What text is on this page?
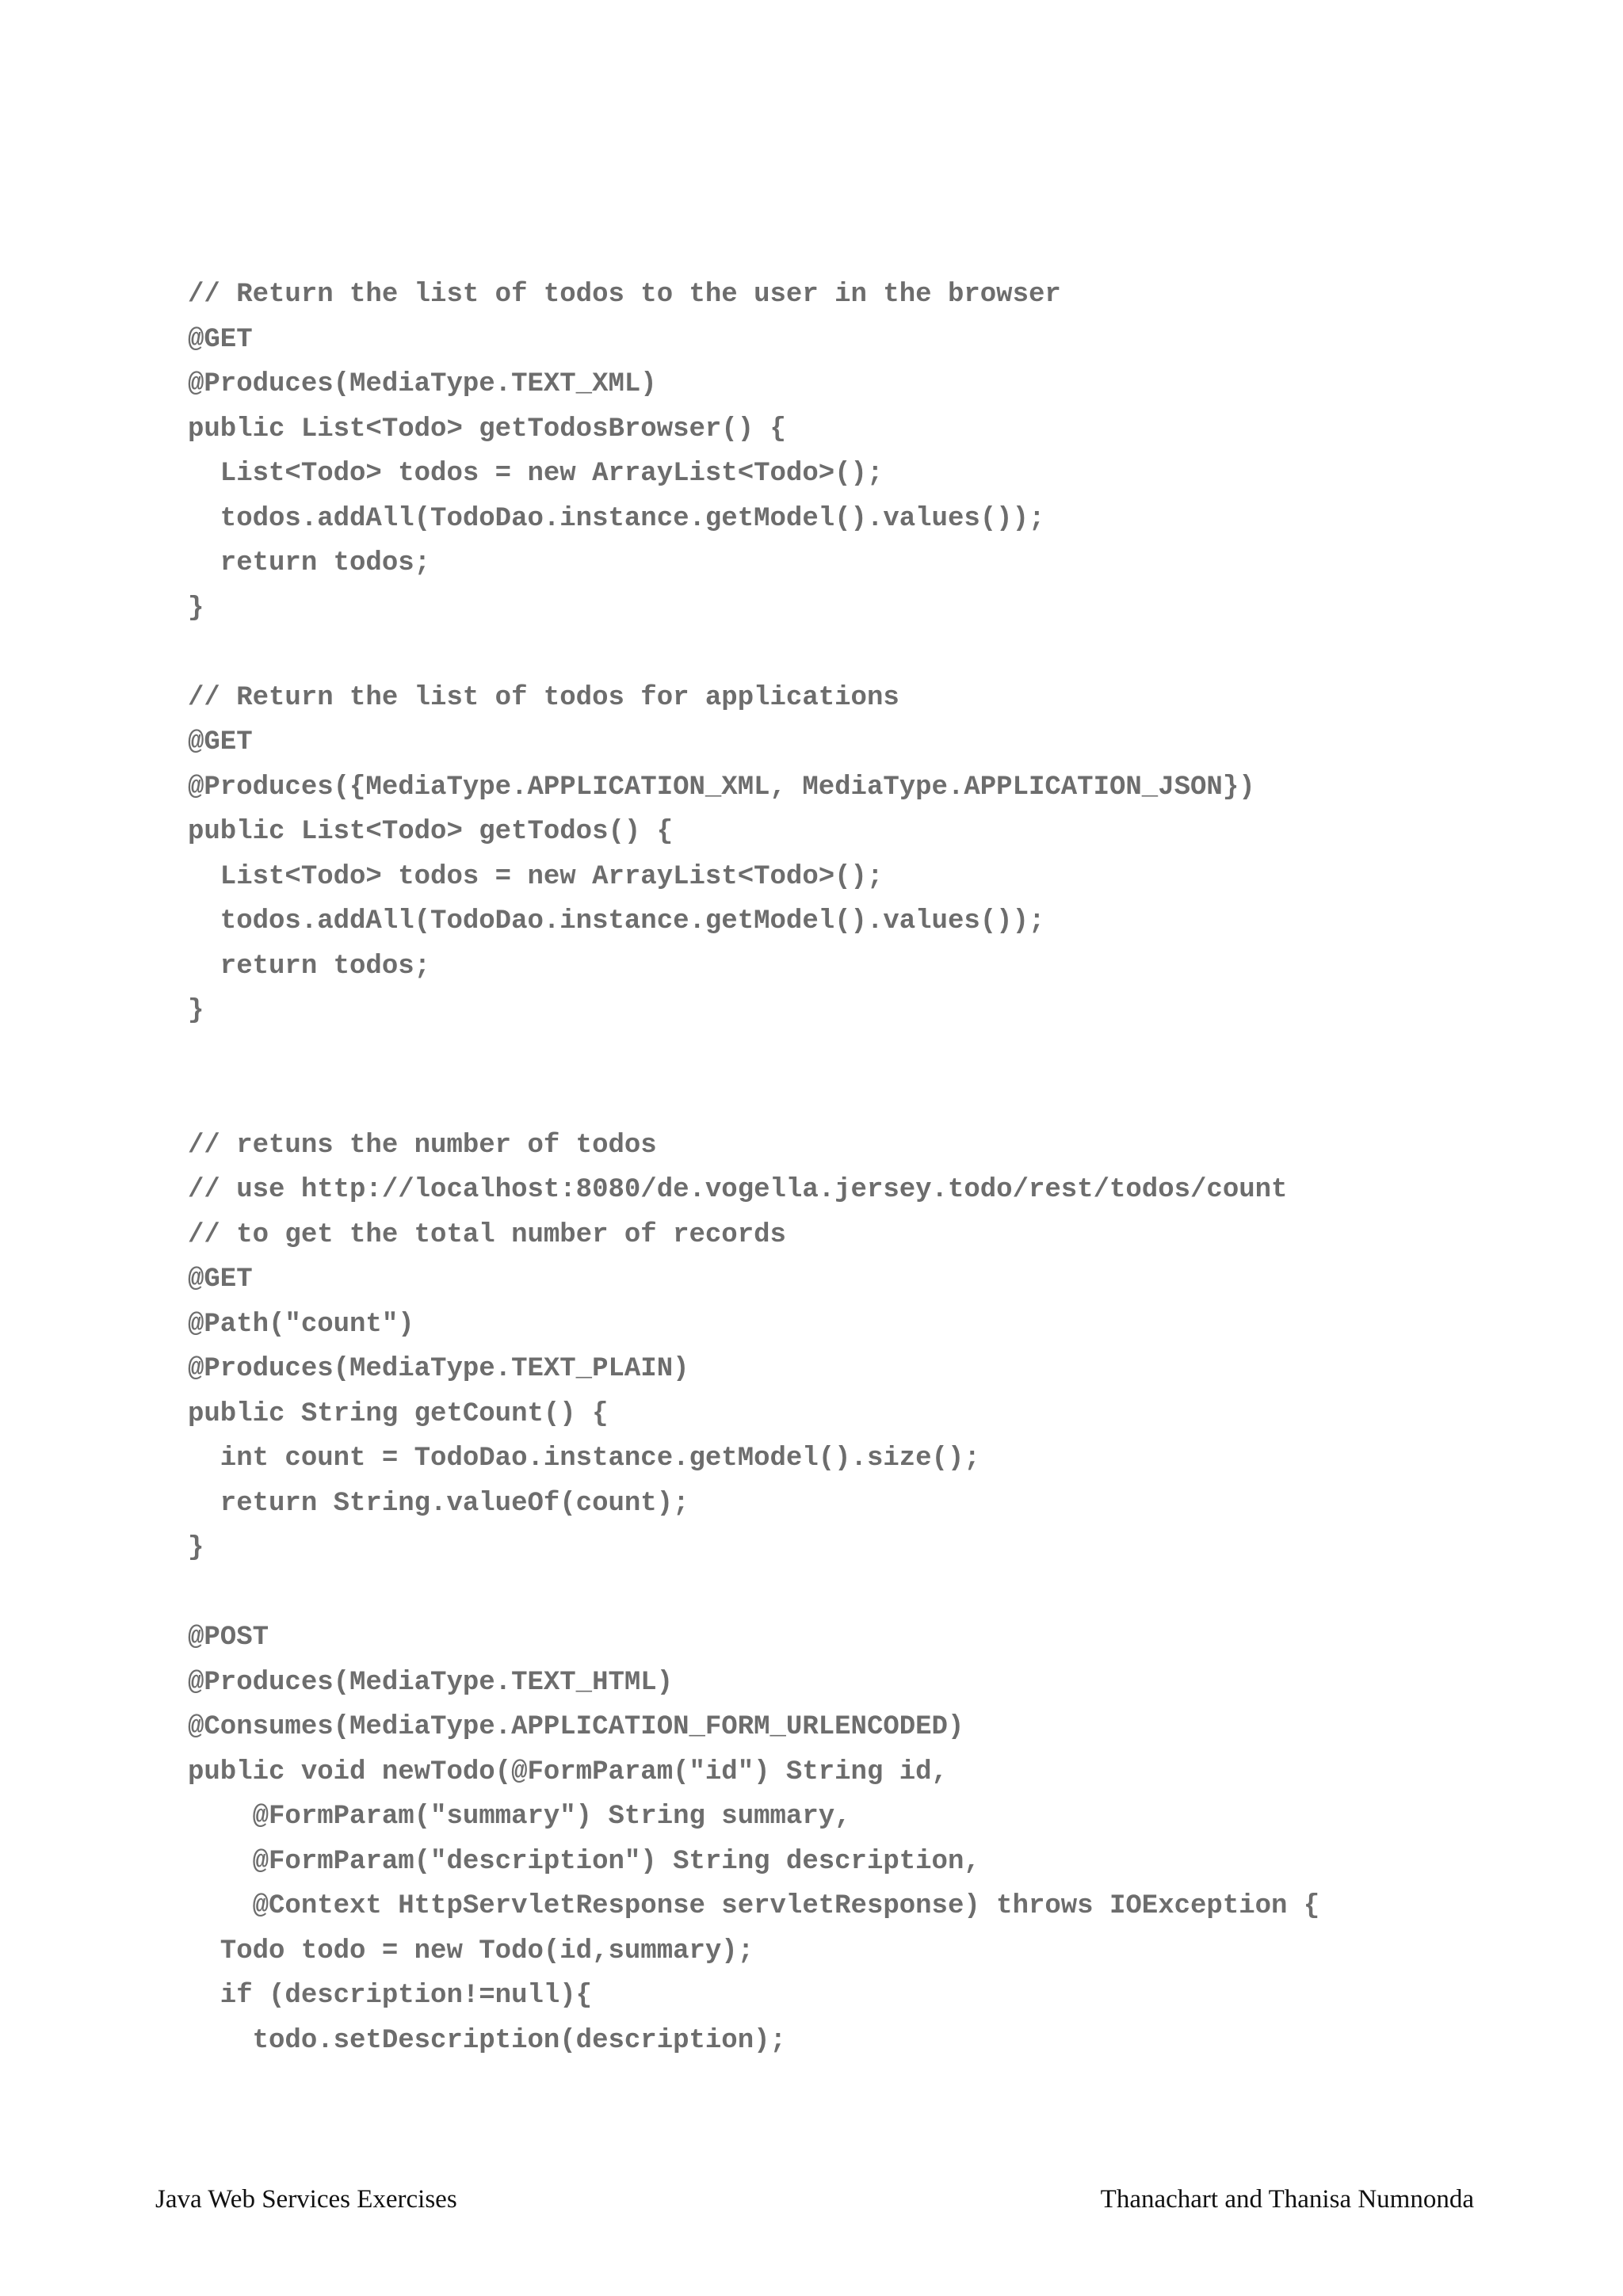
// Return the list of todos to the user in the browser
@GET
@Produces(MediaType.TEXT_XML)
public List<Todo> getTodosBrowser() {
List<Todo> todos = new ArrayList<Todo>();
todos.addAll(TodoDao.instance.getModel().values());
return todos;
}
// Return the list of todos for applications
@GET
@Produces({MediaType.APPLICATION_XML, MediaType.APPLICATION_JSON})
public List<Todo> getTodos() {
List<Todo> todos = new ArrayList<Todo>();
todos.addAll(TodoDao.instance.getModel().values());
return todos;
}
// retuns the number of todos
// use http://localhost:8080/de.vogella.jersey.todo/rest/todos/count
// to get the total number of records
@GET
@Path("count")
@Produces(MediaType.TEXT_PLAIN)
public String getCount() {
int count = TodoDao.instance.getModel().size();
return String.valueOf(count);
}
@POST
@Produces(MediaType.TEXT_HTML)
@Consumes(MediaType.APPLICATION_FORM_URLENCODED)
public void newTodo(@FormParam("id") String id,
@FormParam("summary") String summary,
@FormParam("description") String description,
@Context HttpServletResponse servletResponse) throws IOException {
Todo todo = new Todo(id,summary);
if (description!=null){
todo.setDescription(description);
Java Web Services Exercises	Thanachart and Thanisa Numnonda
